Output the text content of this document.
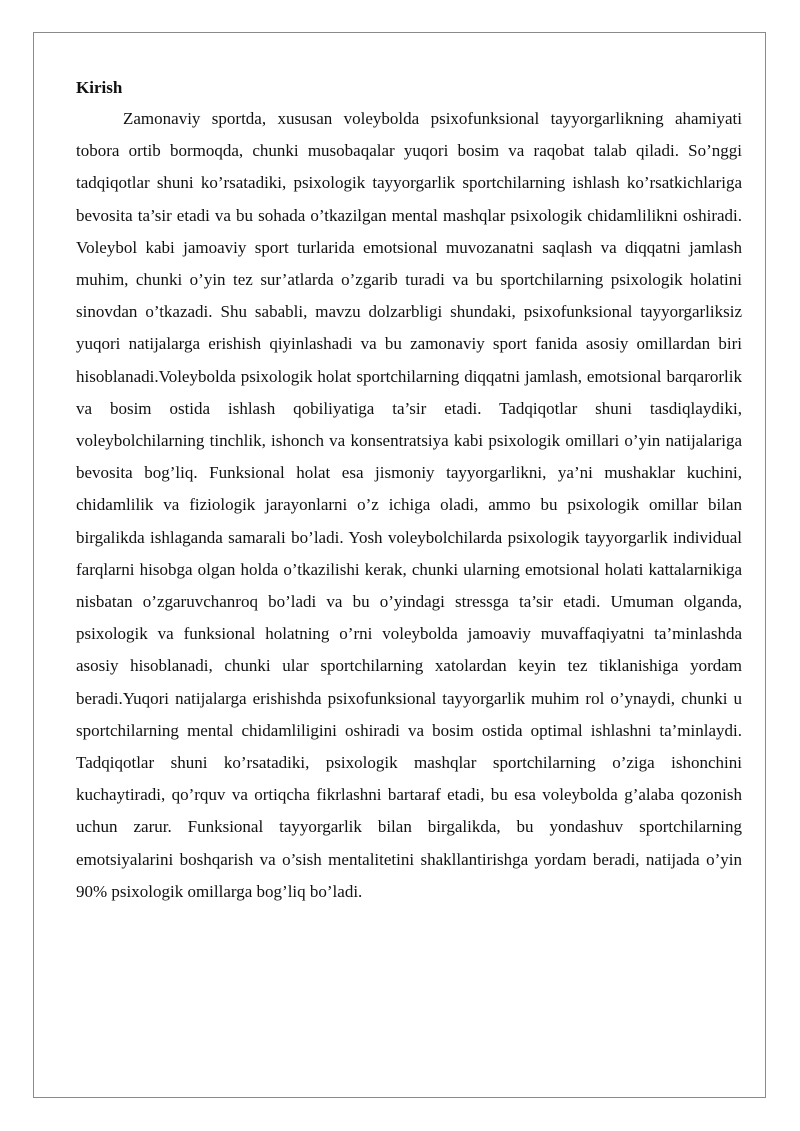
Kirish

Zamonaviy sportda, xususan voleybolda psixofunksional tayyorgarlikning ahamiyati tobora ortib bormoqda, chunki musobaqalar yuqori bosim va raqobat talab qiladi. So’nggi tadqiqotlar shuni ko’rsatadiki, psixologik tayyorgarlik sportchilarning ishlash ko’rsatkichlariga bevosita ta’sir etadi va bu sohada o’tkazilgan mental mashqlar psixologik chidamlilikni oshiradi. Voleybol kabi jamoaviy sport turlarida emotsional muvozanatni saqlash va diqqatni jamlash muhim, chunki o’yin tez sur’atlarda o’zgarib turadi va bu sportchilarning psixologik holatini sinovdan o’tkazadi. Shu sababli, mavzu dolzarbligi shundaki, psixofunksional tayyorgarliksiz yuqori natijalarga erishish qiyinlashadi va bu zamonaviy sport fanida asosiy omillardan biri hisoblanadi.Voleybolda psixologik holat sportchilarning diqqatni jamlash, emotsional barqarorlik va bosim ostida ishlash qobiliyatiga ta’sir etadi. Tadqiqotlar shuni tasdiqlaydiki, voleybolchilarning tinchlik, ishonch va konsentratsiya kabi psixologik omillari o’yin natijalariga bevosita bog’liq. Funksional holat esa jismoniy tayyorgarlikni, ya’ni mushaklar kuchini, chidamlilik va fiziologik jarayonlarni o’z ichiga oladi, ammo bu psixologik omillar bilan birgalikda ishlaganda samarali bo’ladi. Yosh voleybolchilarda psixologik tayyorgarlik individual farqlarni hisobga olgan holda o’tkazilishi kerak, chunki ularning emotsional holati kattalarnikiga nisbatan o’zgaruvchanroq bo’ladi va bu o’yindagi stressga ta’sir etadi. Umuman olganda, psixologik va funksional holatning o’rni voleybolda jamoaviy muvaffaqiyatni ta’minlashda asosiy hisoblanadi, chunki ular sportchilarning xatolardan keyin tez tiklanishiga yordam beradi.Yuqori natijalarga erishishda psixofunksional tayyorgarlik muhim rol o’ynaydi, chunki u sportchilarning mental chidamliligini oshiradi va bosim ostida optimal ishlashni ta’minlaydi. Tadqiqotlar shuni ko’rsatadiki, psixologik mashqlar sportchilarning o’ziga ishonchini kuchaytiradi, qo’rquv va ortiqcha fikrlashni bartaraf etadi, bu esa voleybolda g’alaba qozonish uchun zarur. Funksional tayyorgarlik bilan birgalikda, bu yondashuv sportchilarning emotsiyalarini boshqarish va o’sish mentalitetini shakllantirishga yordam beradi, natijada o’yin 90% psixologik omillarga bog’liq bo’ladi.
